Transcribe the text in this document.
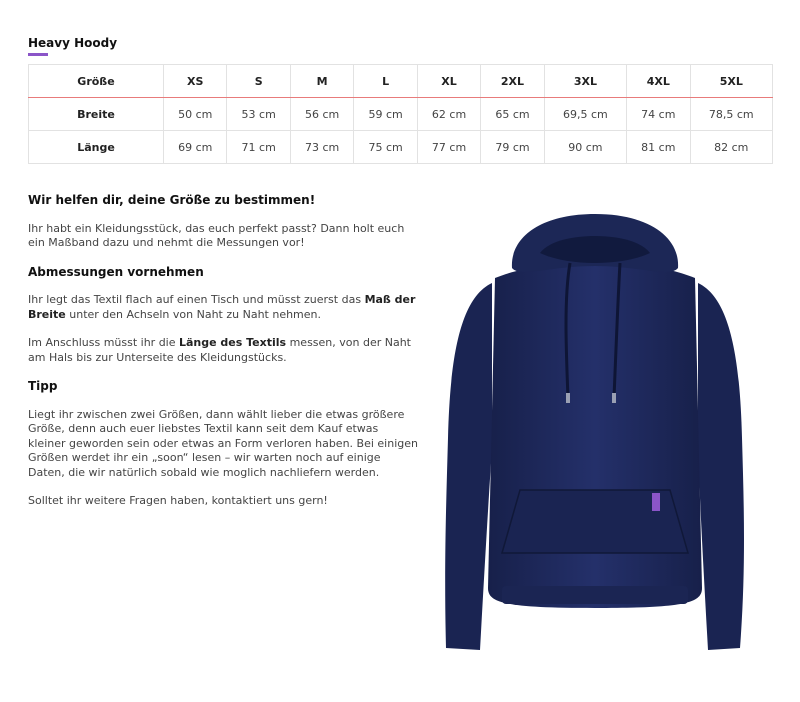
Heavy Hoody
Größe	XS	S	M	L	XL	2XL	3XL	4XL	5XL
Breite	50 cm	53 cm	56 cm	59 cm	62 cm	65 cm	69,5 cm	74 cm	78,5 cm
Länge	69 cm	71 cm	73 cm	75 cm	77 cm	79 cm	90 cm	81 cm	82 cm
Wir helfen dir, deine Größe zu bestimmen!

Ihr habt ein Kleidungsstück, das euch perfekt passt? Dann holt euch ein Maßband dazu und nehmt die Messungen vor!

Abmessungen vornehmen

Ihr legt das Textil flach auf einen Tisch und müsst zuerst das Maß der Breite unter den Achseln von Naht zu Naht nehmen.

Im Anschluss müsst ihr die Länge des Textils messen, von der Naht am Hals bis zur Unterseite des Kleidungstücks.

Tipp

Liegt ihr zwischen zwei Größen, dann wählt lieber die etwas größere Größe, denn auch euer liebstes Textil kann seit dem Kauf etwas kleiner geworden sein oder etwas an Form verloren haben. Bei einigen Größen werdet ihr ein „soon“ lesen – wir warten noch auf einige Daten, die wir natürlich sobald wie moglich nachliefern werden.

Solltet ihr weitere Fragen haben, kontaktiert uns gern!
